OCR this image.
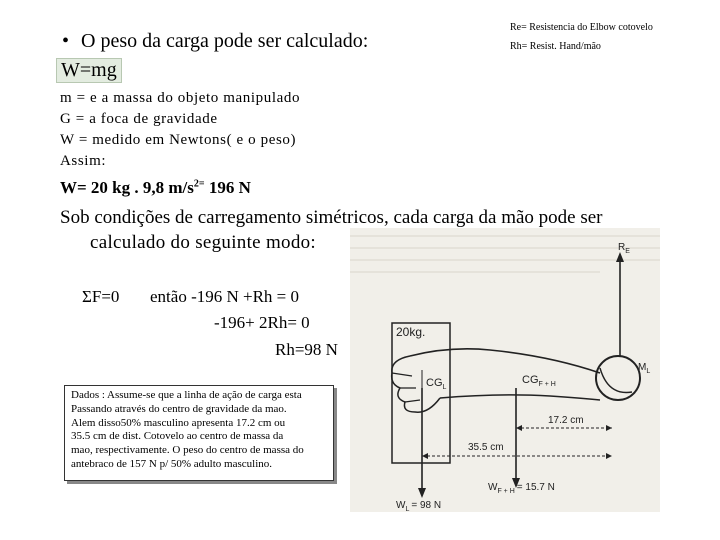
• O peso da carga pode ser calculado:
W=mg
Re= Resistencia do Elbow cotovelo
Rh= Resist. Hand/mão
m = e a massa do objeto manipulado
G = a foca de gravidade
W = medido em Newtons( e o peso)
Assim:
W= 20 kg . 9,8 $m/s^{2=}$ 196 N
Sob condições de carregamento simétricos, cada carga da mão pode ser
calculado do seguinte modo:
ΣF=0 então -196 N +Rh = 0
-196+ 2Rh= 0
Rh=98 N
Dados : Assume-se que a linha de ação de carga esta
Passando através do centro de gravidade da mao.
Alem disso50% masculino apresenta 17.2 cm ou
35.5 cm de dist. Cotovelo ao centro de massa da
mao, respectivamente. O peso do centro de massa do
antebraco de 157 N p/ 50% adulto masculino.
20kg.
$M_L$
$R_E$
$CG_L$
$CG_{F + H}$
17.2 cm
35.5 cm
$W_L = 98$ N
$W_{F + H} = 15.7$ N
